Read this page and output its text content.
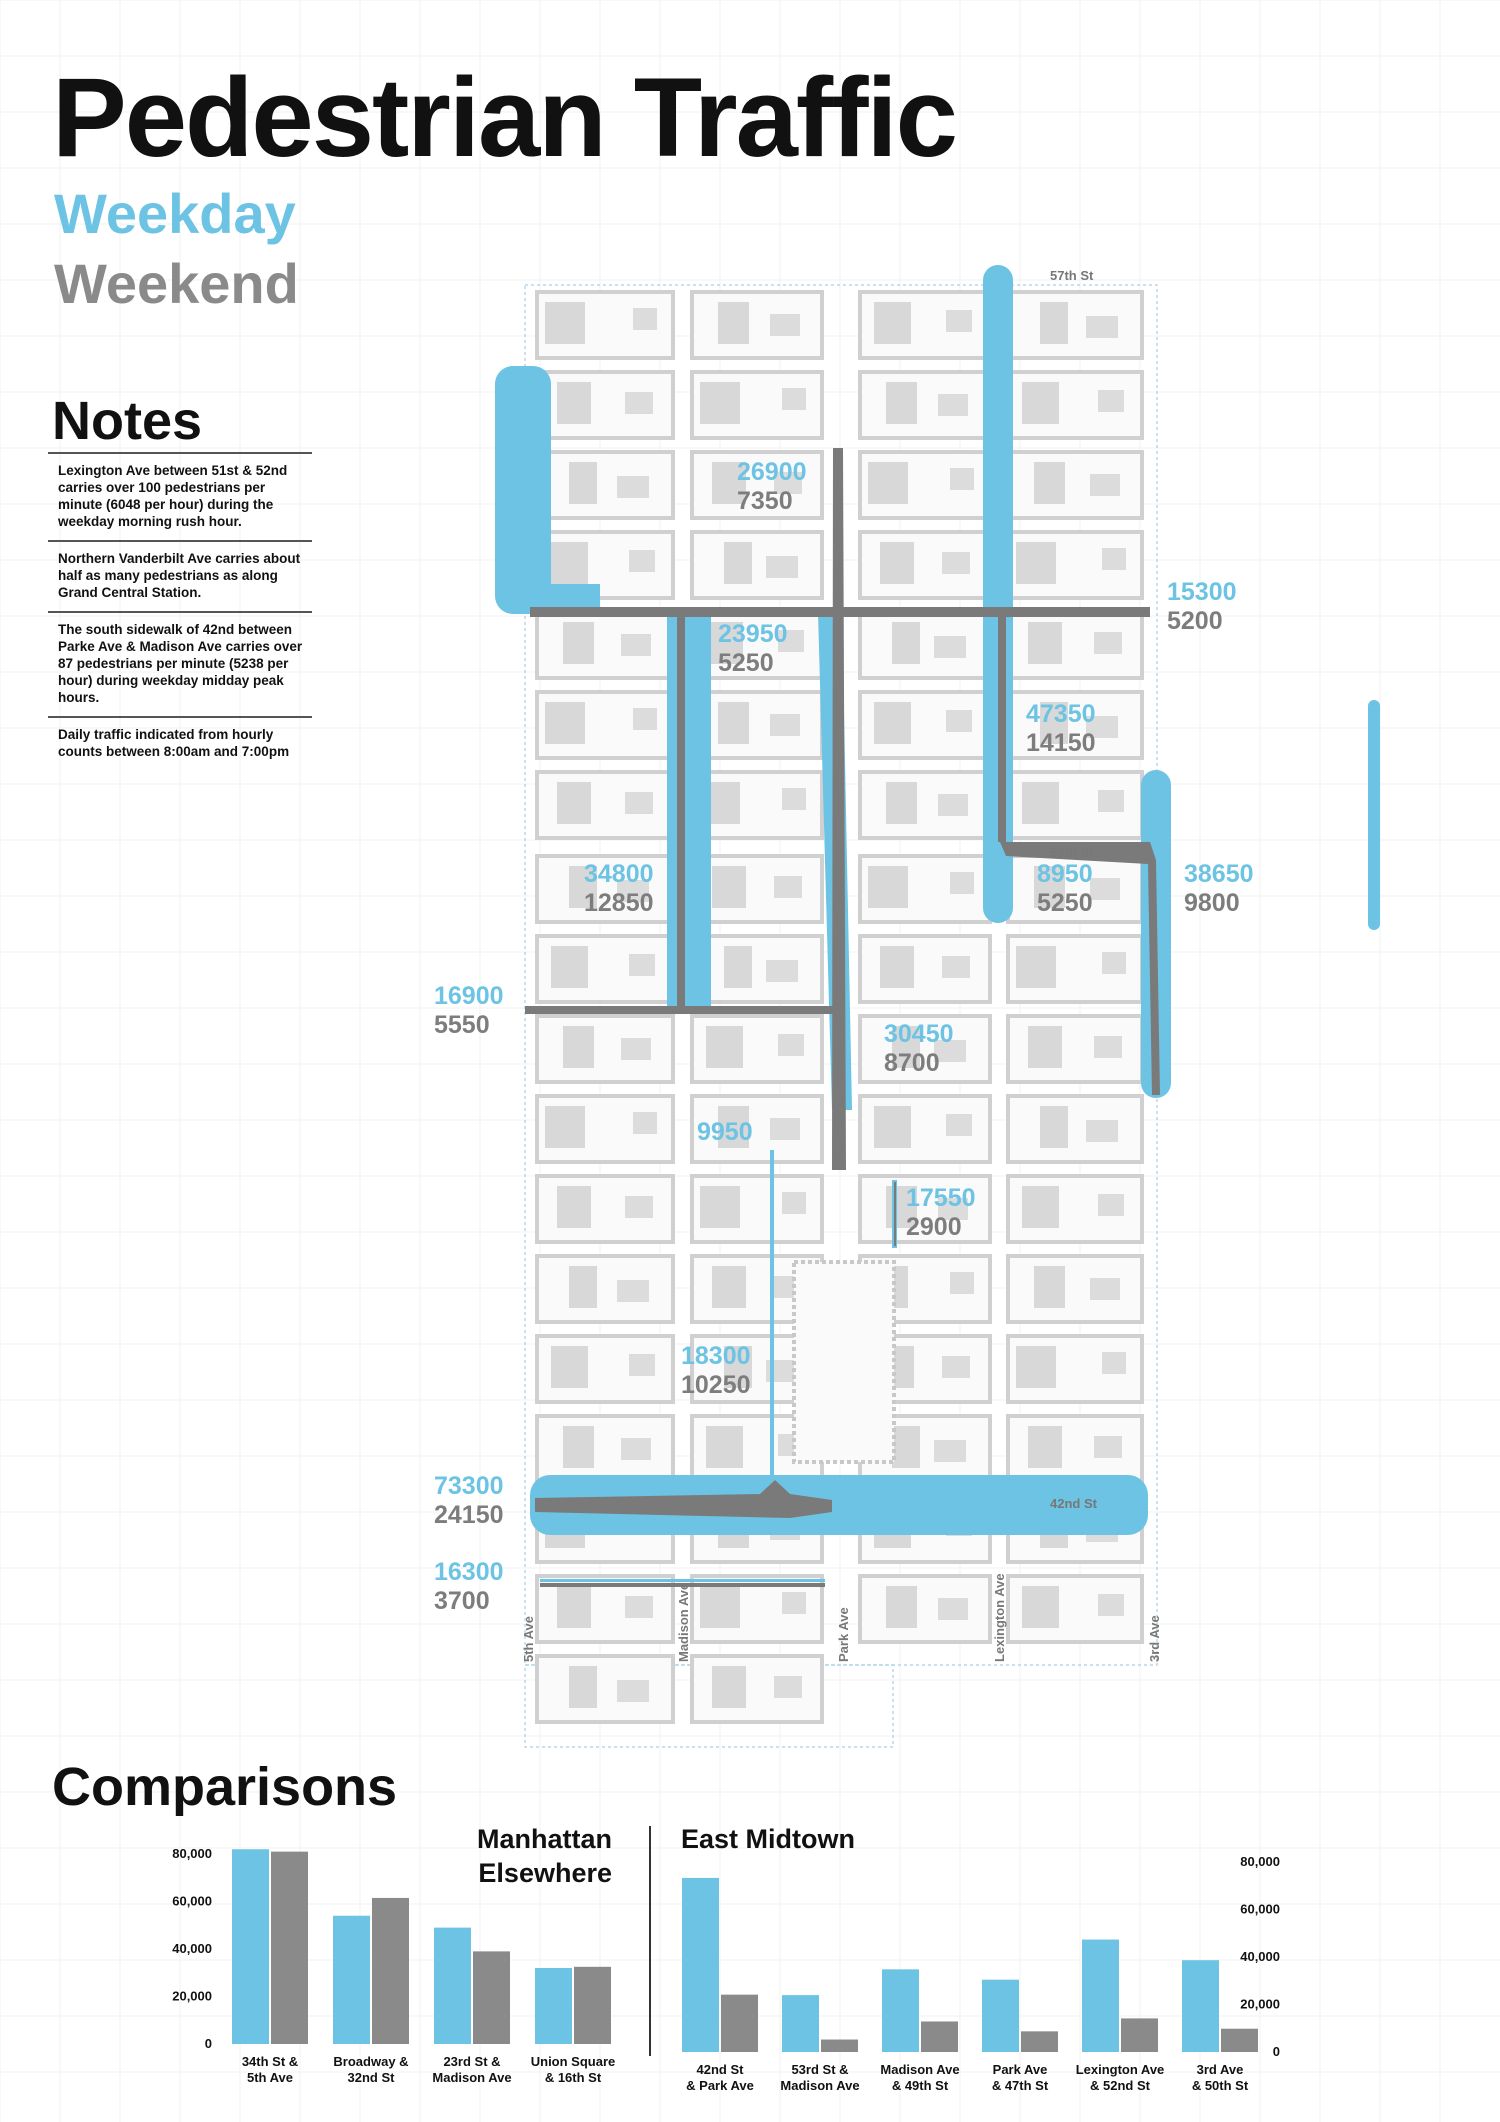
Pedestrian Traffic
Weekday
Weekend
Notes
Lexington Ave between 51st & 52nd carries over 100 pedestrians per minute (6048 per hour) during the weekday morning rush hour.
Northern Vanderbilt Ave carries about half as many pedestrians as along Grand Central Station.
The south sidewalk of 42nd between Parke Ave & Madison Ave carries over 87 pedestrians per minute (5238 per hour) during weekday midday peak hours.
Daily traffic indicated from hourly counts between 8:00am and 7:00pm
57th St
50th St
42nd St
5th Ave	Madison Ave	Park Ave	Lexington Ave	3rd Ave
26900
7350
15300
5200
23950
5250
47350
14150
34800
12850
8950
5250
38650
9800
16900
5550	30450
8700
9950
17550
2900
18300
10250
73300
24150
16300
3700
Comparisons
Manhattan
Elsewhere
East Midtown
80,000
60,000
40,000
20,000
0
34th St &
5th Ave
Broadway &
32nd St
23rd St &
Madison Ave
Union Square
& 16th St
80,000
60,000
40,000
20,000
0
42nd St
& Park Ave
53rd St &
Madison Ave
Madison Ave
& 49th St
Park Ave
& 47th St
Lexington Ave
& 52nd St
3rd Ave
& 50th St
